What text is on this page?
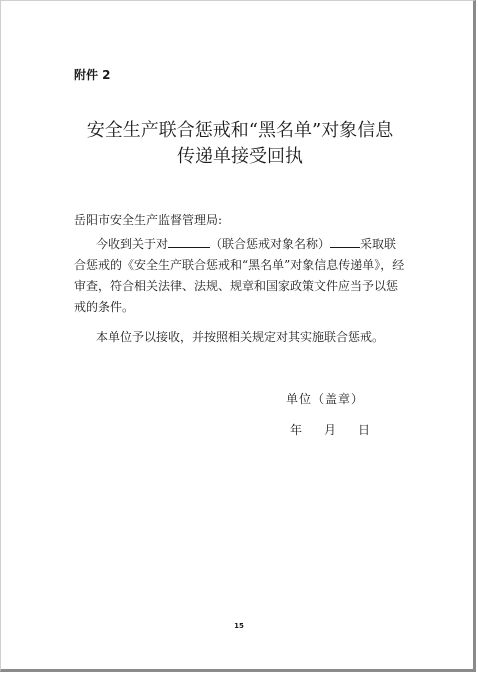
附件 2
安全生产联合惩戒和“黑名单”对象信息
传递单接受回执
岳阳市安全生产监督管理局:
今收到关于对	（联合惩戒对象名称）	采取联合惩戒的《安全生产联合惩戒和“黑名单”对象信息传递单》，经审查，符合相关法律、法规、规章和国家政策文件应当予以惩戒的条件。
本单位予以接收，并按照相关规定对其实施联合惩戒。
单位（盖章）
年 月 日
15
